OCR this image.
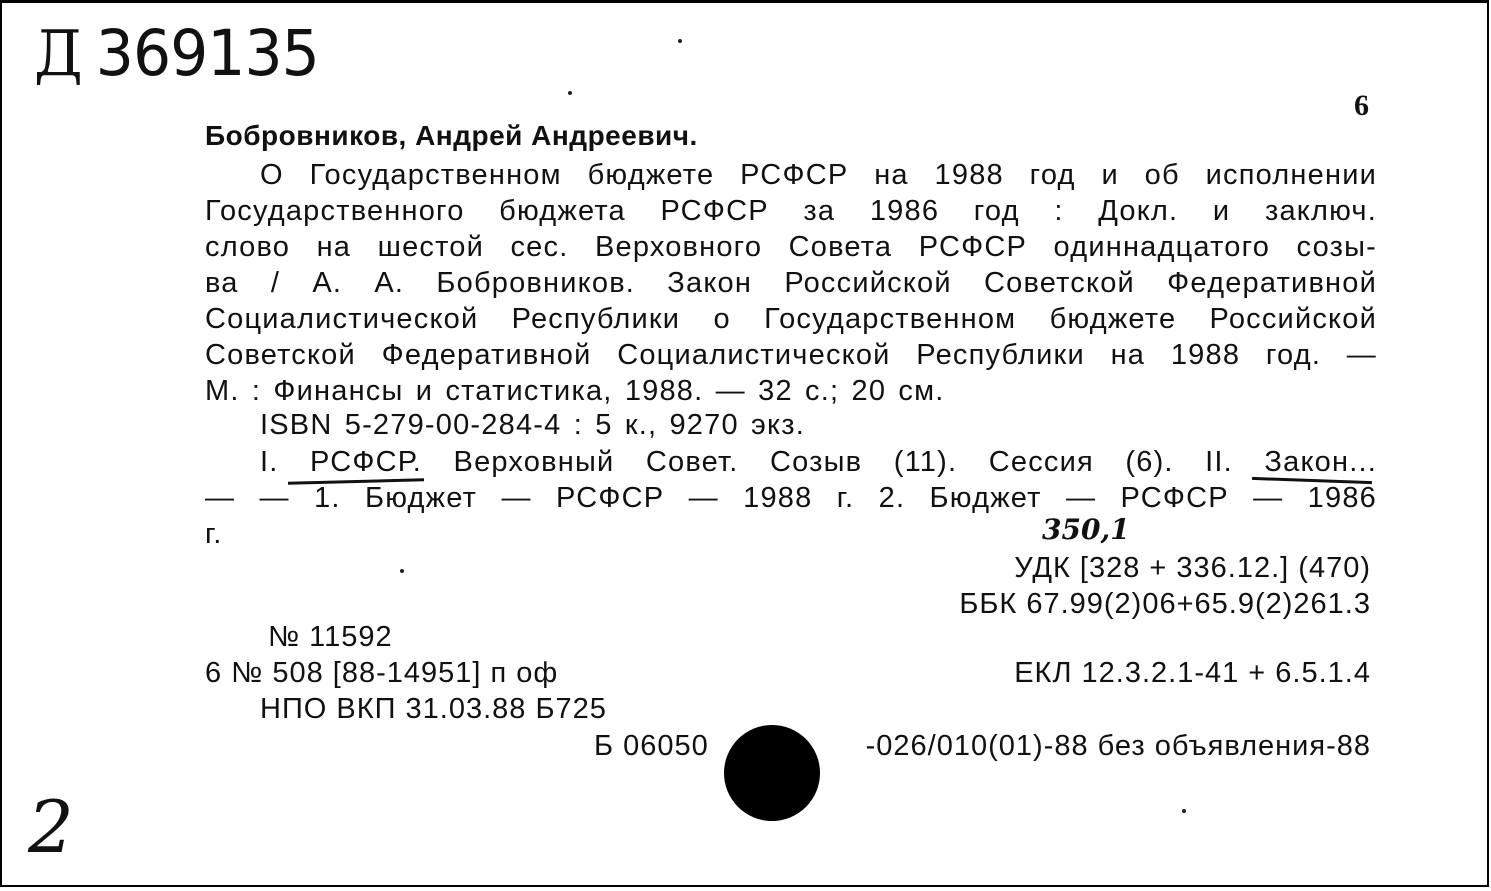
Д 369135
6
Бобровников, Андрей Андреевич.
О Государственном бюджете РСФСР на 1988 год и об исполнении
Государственного бюджета РСФСР за 1986 год : Докл. и заключ.
слово на шестой сес. Верховного Совета РСФСР одиннадцатого созы-
ва / А. А. Бобровников. Закон Российской Советской Федеративной
Социалистической Республики о Государственном бюджете Российской
Советской Федеративной Социалистической Республики на 1988 год. —
М. : Финансы и статистика, 1988. — 32 с.; 20 см.
ISBN 5-279-00-284-4 : 5 к., 9270 экз.
I. РСФСР. Верховный Совет. Созыв (11). Сессия (6). II. Закон...
— — 1. Бюджет — РСФСР — 1988 г. 2. Бюджет — РСФСР — 1986
г.	350,1
УДК [328 + 336.12.] (470)
ББК 67.99(2)06+65.9(2)261.3
№ 11592
6 № 508 [88-14951] п оф	ЕКЛ 12.3.2.1-41 + 6.5.1.4
НПО ВКП 31.03.88 Б725
Б 06050	-026/010(01)-88 без объявления-88
2
